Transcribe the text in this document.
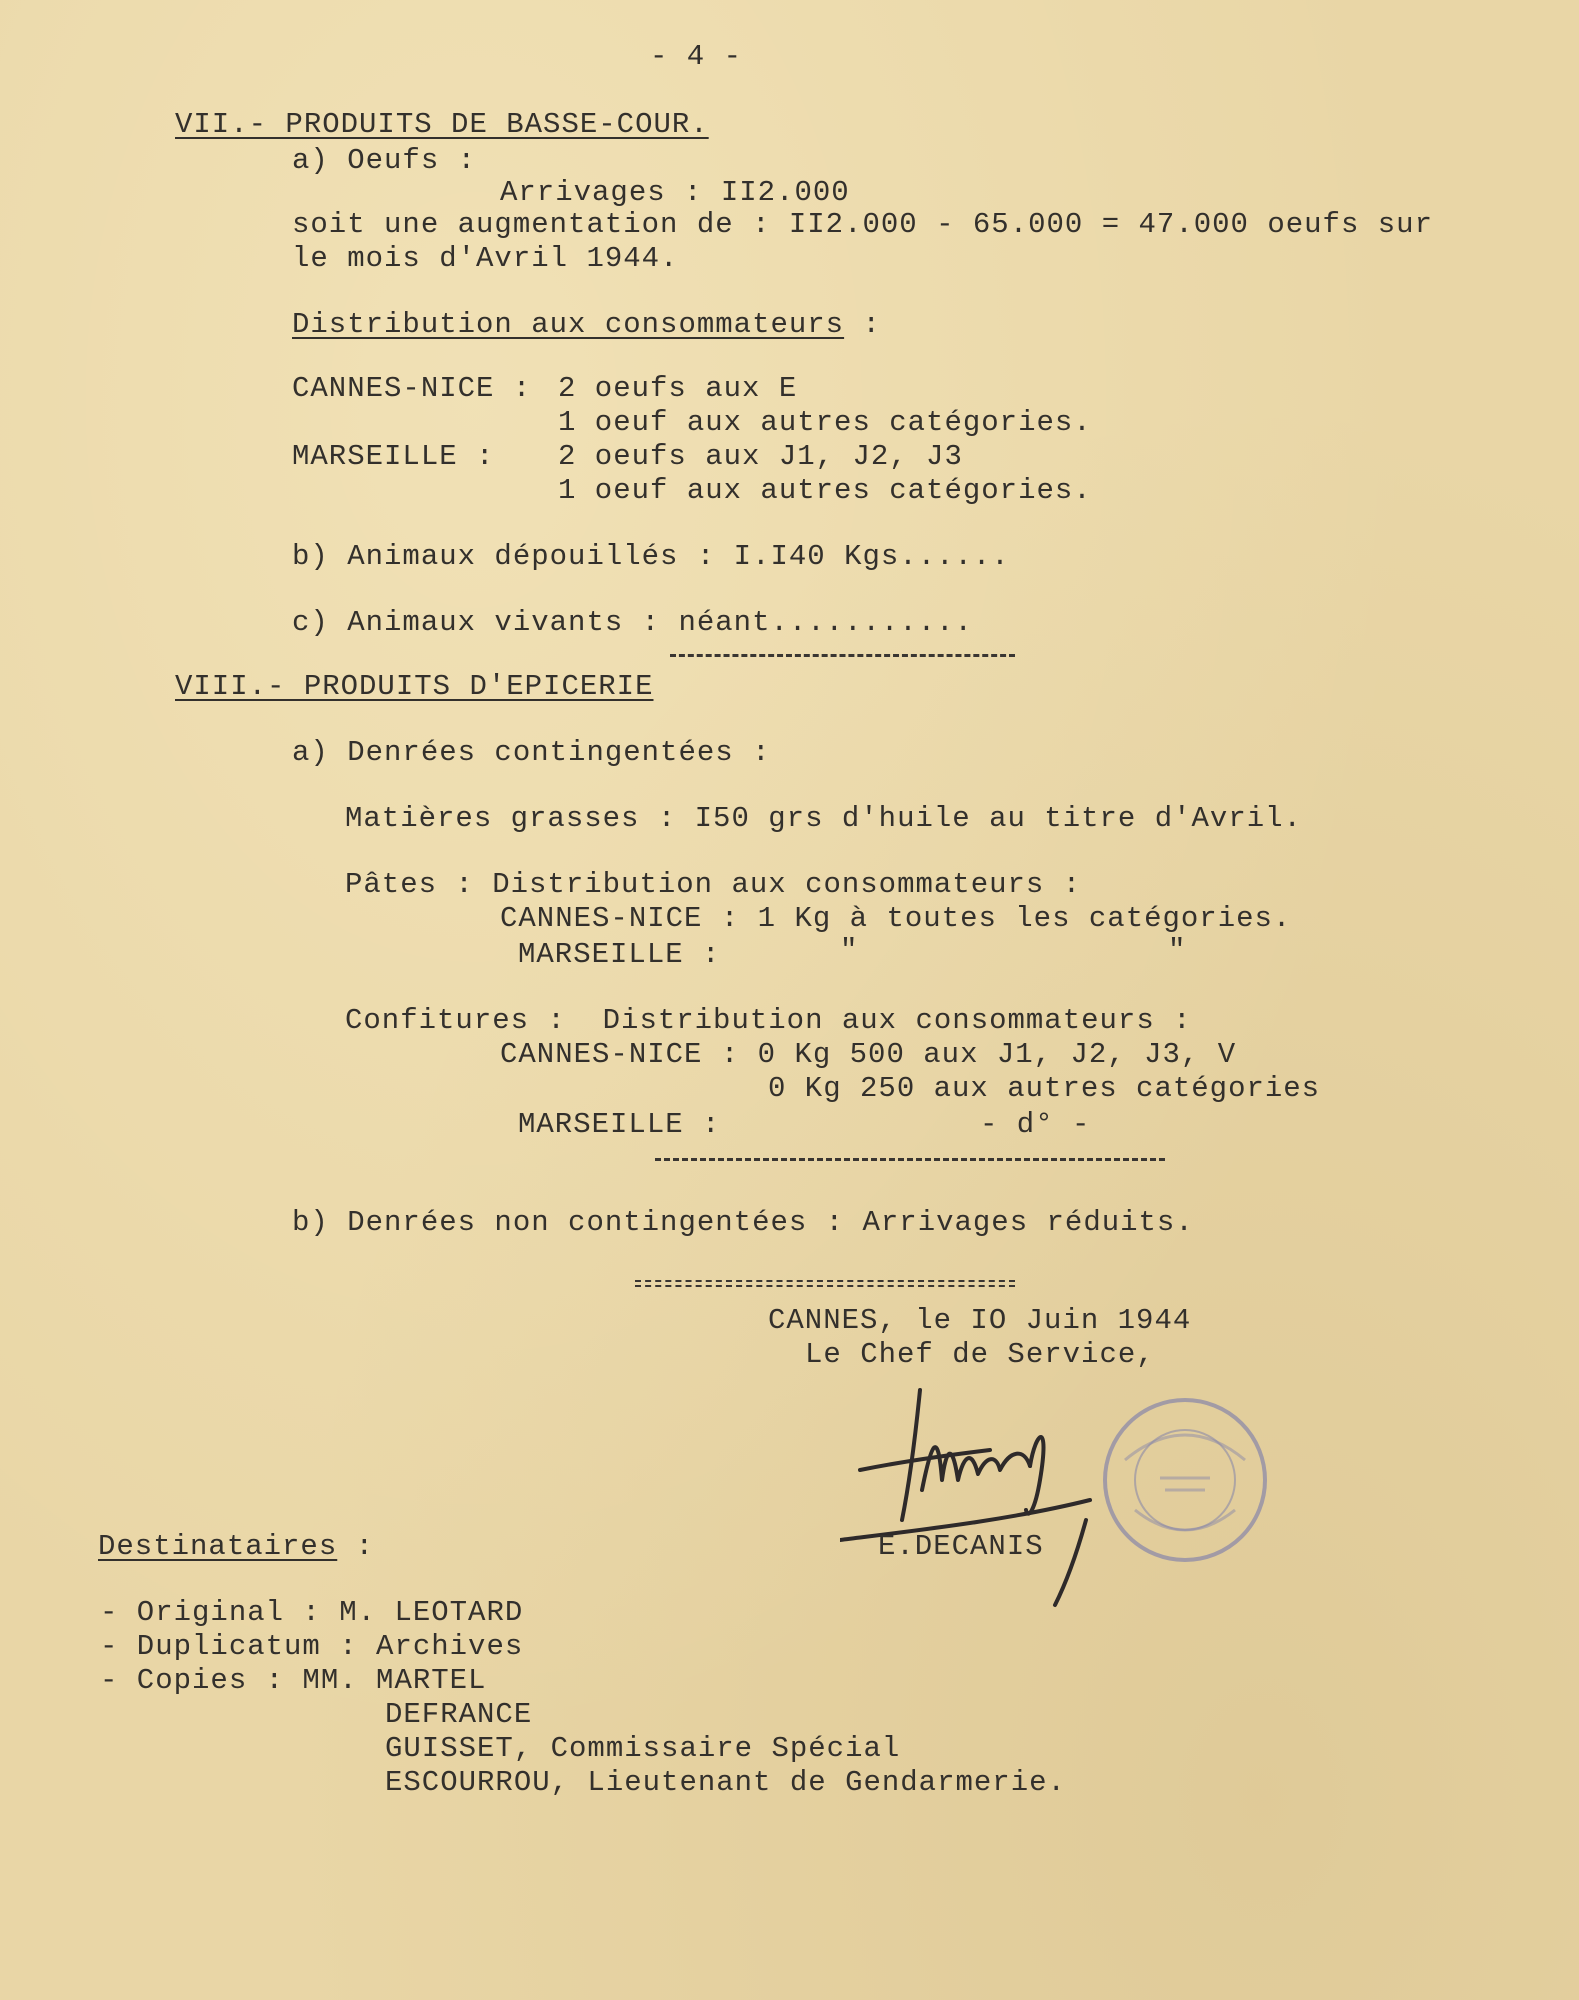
- 4 -
VII.- PRODUITS DE BASSE-COUR.
a) Oeufs :
Arrivages : II2.000
soit une augmentation de : II2.000 - 65.000 = 47.000 oeufs sur
le mois d'Avril 1944.
Distribution aux consommateurs :
CANNES-NICE : 2 oeufs aux E
1 oeuf aux autres catégories.
MARSEILLE : 2 oeufs aux J1, J2, J3
1 oeuf aux autres catégories.
b) Animaux dépouillés : I.I40 Kgs......
c) Animaux vivants : néant...........
VIII.- PRODUITS D'EPICERIE
a) Denrées contingentées :
Matières grasses : I50 grs d'huile au titre d'Avril.
Pâtes : Distribution aux consommateurs :
CANNES-NICE : 1 Kg à toutes les catégories.
MARSEILLE :	"	"
Confitures :  Distribution aux consommateurs :
CANNES-NICE : 0 Kg 500 aux J1, J2, J3, V
0 Kg 250 aux autres catégories
MARSEILLE :	- d° -
b) Denrées non contingentées : Arrivages réduits.
CANNES, le IO Juin 1944
Le Chef de Service,
E.DECANIS
Destinataires :
- Original : M. LEOTARD
- Duplicatum : Archives
- Copies : MM. MARTEL
DEFRANCE
GUISSET, Commissaire Spécial
ESCOURROU, Lieutenant de Gendarmerie.
